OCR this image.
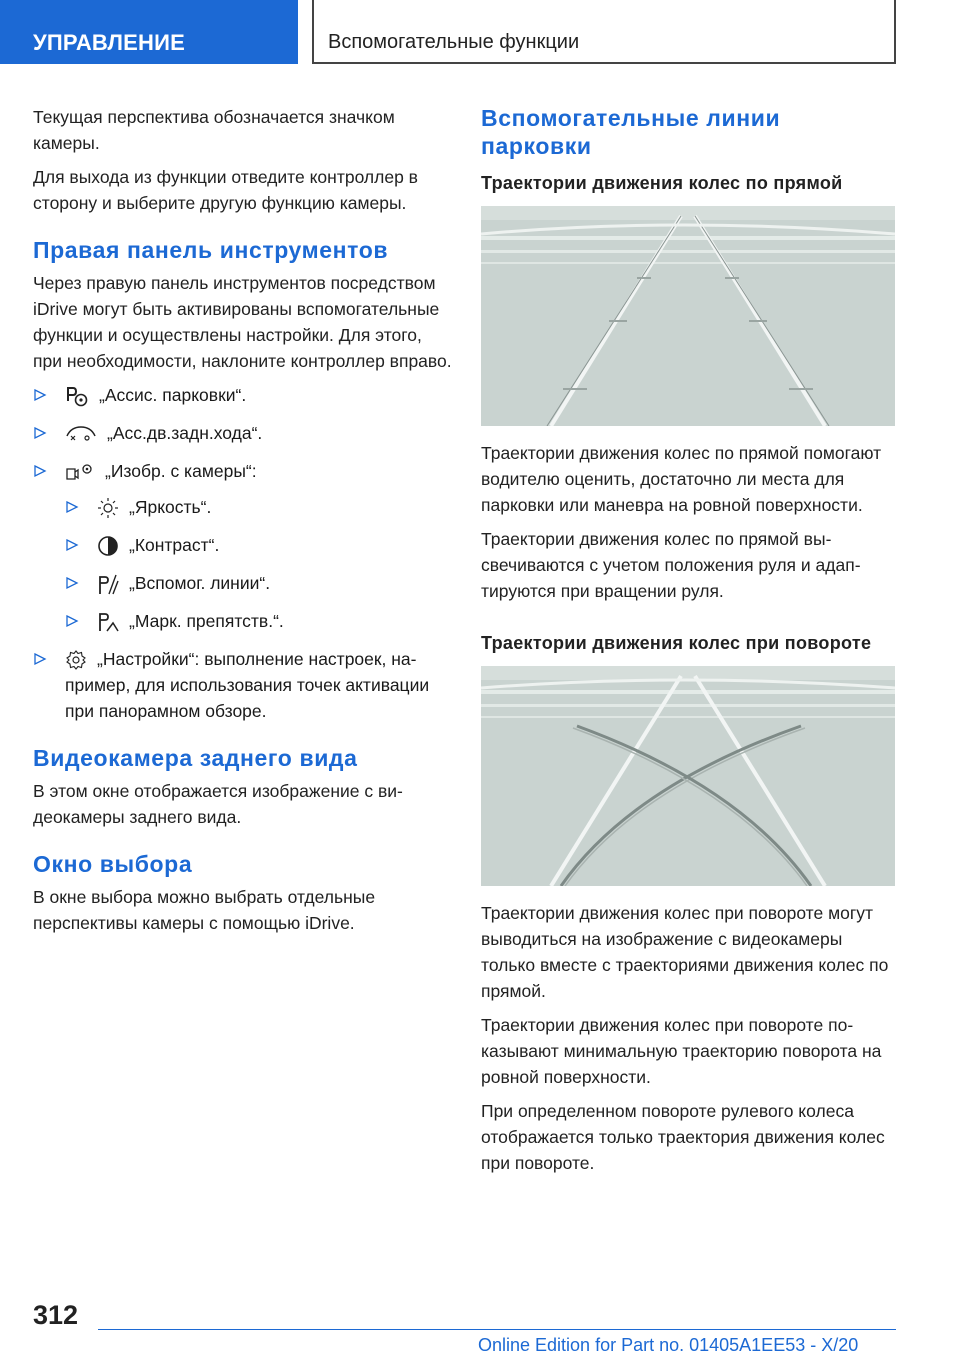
УПРАВЛЕНИЕ	Вспомогательные функции

Текущая перспектива обозначается значком камеры.

Для выхода из функции отведите контроллер в сторону и выберите другую функцию камеры.

Правая панель инструментов

Через правую панель инструментов посредством iDrive могут быть активированы вспомогательные функции и осуществлены настройки. Для этого, при необходимости, наклоните контроллер вправо.

„Ассис. парковки“.
„Асс.дв.задн.хода“.
„Изобр. с камеры“:
„Яркость“.
„Контраст“.
„Вспомог. линии“.
„Марк. препятств.“.
„Настройки“: выполнение настроек, например, для использования точек активации при панорамном обзоре.
Видеокамера заднего вида

В этом окне отображается изображение с видеокамеры заднего вида.

Окно выбора

В окне выбора можно выбрать отдельные перспективы камеры с помощью iDrive.

Вспомогательные линии парковки
Траектории движения колес по прямой

Траектории движения колес по прямой помогают водителю оценить, достаточно ли места для парковки или маневра на ровной поверхности.

Траектории движения колес по прямой высвечиваются с учетом положения руля и адаптируются при вращении руля.

Траектории движения колес при повороте

Траектории движения колес при повороте могут выводиться на изображение с видеокамеры только вместе с траекториями движения колес по прямой.

Траектории движения колес при повороте показывают минимальную траекторию поворота на ровной поверхности.

При определенном повороте рулевого колеса отображается только траектория движения колес при повороте.

312
Online Edition for Part no. 01405A1EE53 - X/20
